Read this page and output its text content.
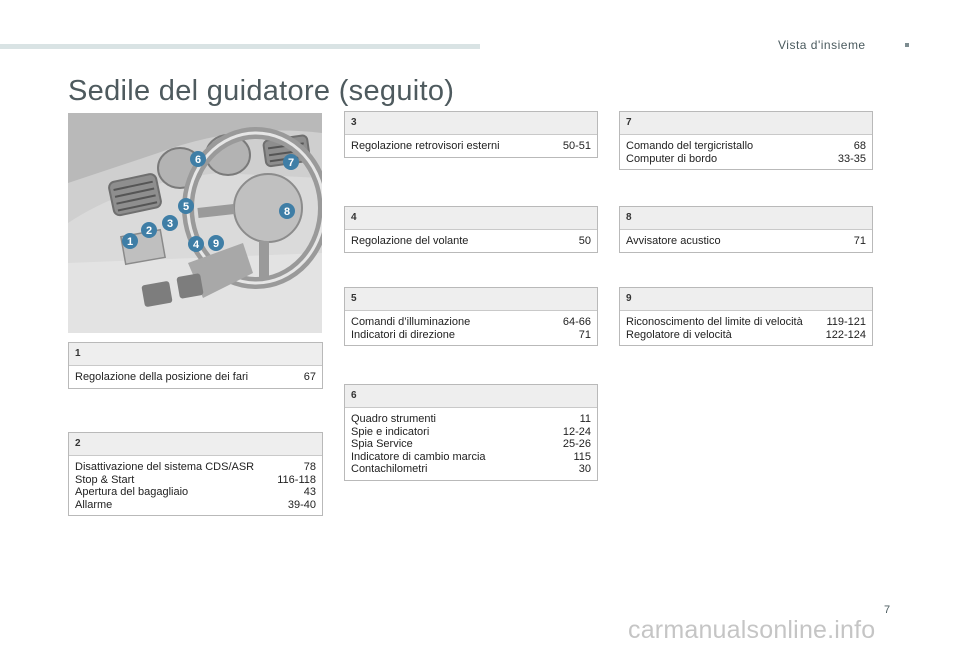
Vista d'insieme
Sedile del guidatore (seguito)
1
2
3
4
5
6	7
8
9
1
Regolazione della posizione dei fari	67
2
Disattivazione del sistema CDS/ASR	78
Stop & Start	116-118
Apertura del bagagliaio	43
Allarme	39-40
3
Regolazione retrovisori esterni	50-51
4
Regolazione del volante	50
5
Comandi d’illuminazione	64-66
Indicatori di direzione	71
6
Quadro strumenti	11
Spie e indicatori	12-24
Spia Service	25-26
Indicatore di cambio marcia	115
Contachilometri	30
7
Comando del tergicristallo	68
Computer di bordo	33-35
8
Avvisatore acustico	71
9
Riconoscimento del limite di velocità	119-121
Regolatore di velocità	122-124
7
carmanualsonline.info
